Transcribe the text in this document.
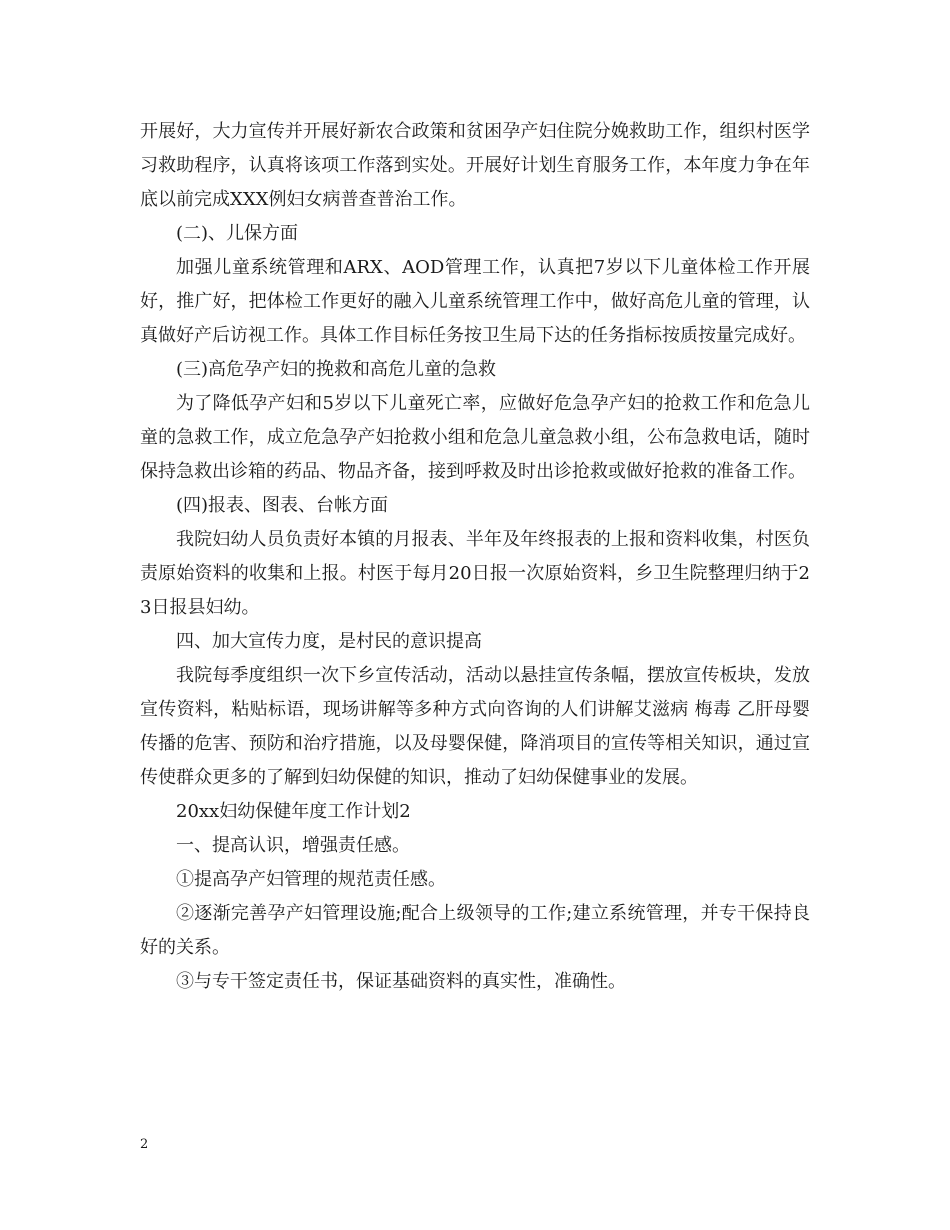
开展好，大力宣传并开展好新农合政策和贫困孕产妇住院分娩救助工作，组织村医学习救助程序，认真将该项工作落到实处。开展好计划生育服务工作，本年度力争在年底以前完成XXX例妇女病普查普治工作。

(二)、儿保方面

加强儿童系统管理和ARX、AOD管理工作，认真把7岁以下儿童体检工作开展好，推广好，把体检工作更好的融入儿童系统管理工作中，做好高危儿童的管理，认真做好产后访视工作。具体工作目标任务按卫生局下达的任务指标按质按量完成好。

(三)高危孕产妇的挽救和高危儿童的急救

为了降低孕产妇和5岁以下儿童死亡率，应做好危急孕产妇的抢救工作和危急儿童的急救工作，成立危急孕产妇抢救小组和危急儿童急救小组，公布急救电话，随时保持急救出诊箱的药品、物品齐备，接到呼救及时出诊抢救或做好抢救的准备工作。

(四)报表、图表、台帐方面

我院妇幼人员负责好本镇的月报表、半年及年终报表的上报和资料收集，村医负责原始资料的收集和上报。村医于每月20日报一次原始资料，乡卫生院整理归纳于23日报县妇幼。

四、加大宣传力度，是村民的意识提高

我院每季度组织一次下乡宣传活动，活动以悬挂宣传条幅，摆放宣传板块，发放宣传资料，粘贴标语，现场讲解等多种方式向咨询的人们讲解艾滋病 梅毒 乙肝母婴传播的危害、预防和治疗措施，以及母婴保健，降消项目的宣传等相关知识，通过宣传使群众更多的了解到妇幼保健的知识，推动了妇幼保健事业的发展。

20xx妇幼保健年度工作计划2

一、提高认识，增强责任感。

①提高孕产妇管理的规范责任感。

②逐渐完善孕产妇管理设施;配合上级领导的工作;建立系统管理，并专干保持良好的关系。

③与专干签定责任书，保证基础资料的真实性，准确性。

2
